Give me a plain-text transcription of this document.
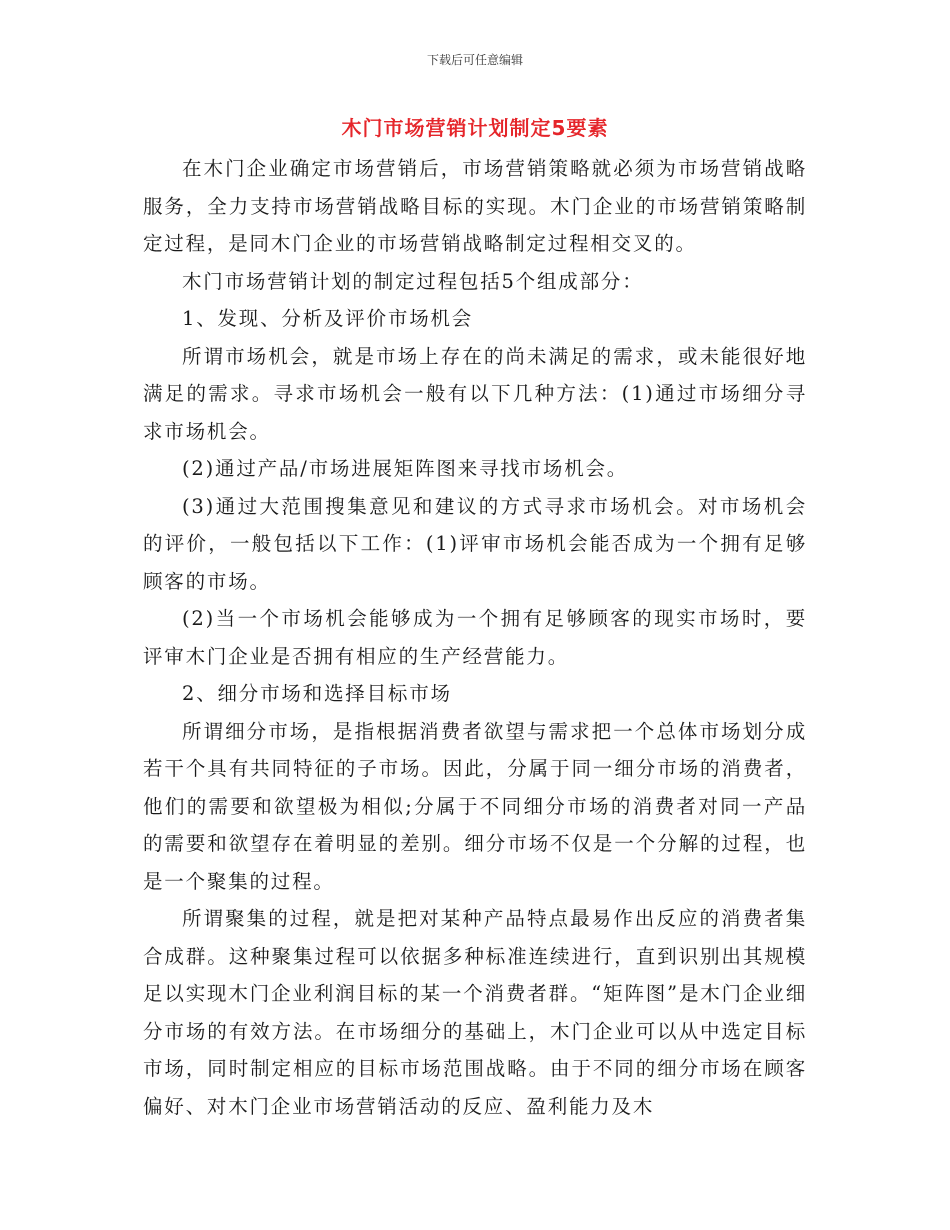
下载后可任意编辑
木门市场营销计划制定5要素

在木门企业确定市场营销后，市场营销策略就必须为市场营销战略服务，全力支持市场营销战略目标的实现。木门企业的市场营销策略制定过程，是同木门企业的市场营销战略制定过程相交叉的。

木门市场营销计划的制定过程包括5个组成部分：

1、发现、分析及评价市场机会

所谓市场机会，就是市场上存在的尚未满足的需求，或未能很好地满足的需求。寻求市场机会一般有以下几种方法：(1)通过市场细分寻求市场机会。

(2)通过产品/市场进展矩阵图来寻找市场机会。

(3)通过大范围搜集意见和建议的方式寻求市场机会。对市场机会的评价，一般包括以下工作：(1)评审市场机会能否成为一个拥有足够顾客的市场。

(2)当一个市场机会能够成为一个拥有足够顾客的现实市场时，要评审木门企业是否拥有相应的生产经营能力。

2、细分市场和选择目标市场

所谓细分市场，是指根据消费者欲望与需求把一个总体市场划分成若干个具有共同特征的子市场。因此，分属于同一细分市场的消费者，他们的需要和欲望极为相似;分属于不同细分市场的消费者对同一产品的需要和欲望存在着明显的差别。细分市场不仅是一个分解的过程，也是一个聚集的过程。

所谓聚集的过程，就是把对某种产品特点最易作出反应的消费者集合成群。这种聚集过程可以依据多种标准连续进行，直到识别出其规模足以实现木门企业利润目标的某一个消费者群。“矩阵图”是木门企业细分市场的有效方法。在市场细分的基础上，木门企业可以从中选定目标市场，同时制定相应的目标市场范围战略。由于不同的细分市场在顾客偏好、对木门企业市场营销活动的反应、盈利能力及木
